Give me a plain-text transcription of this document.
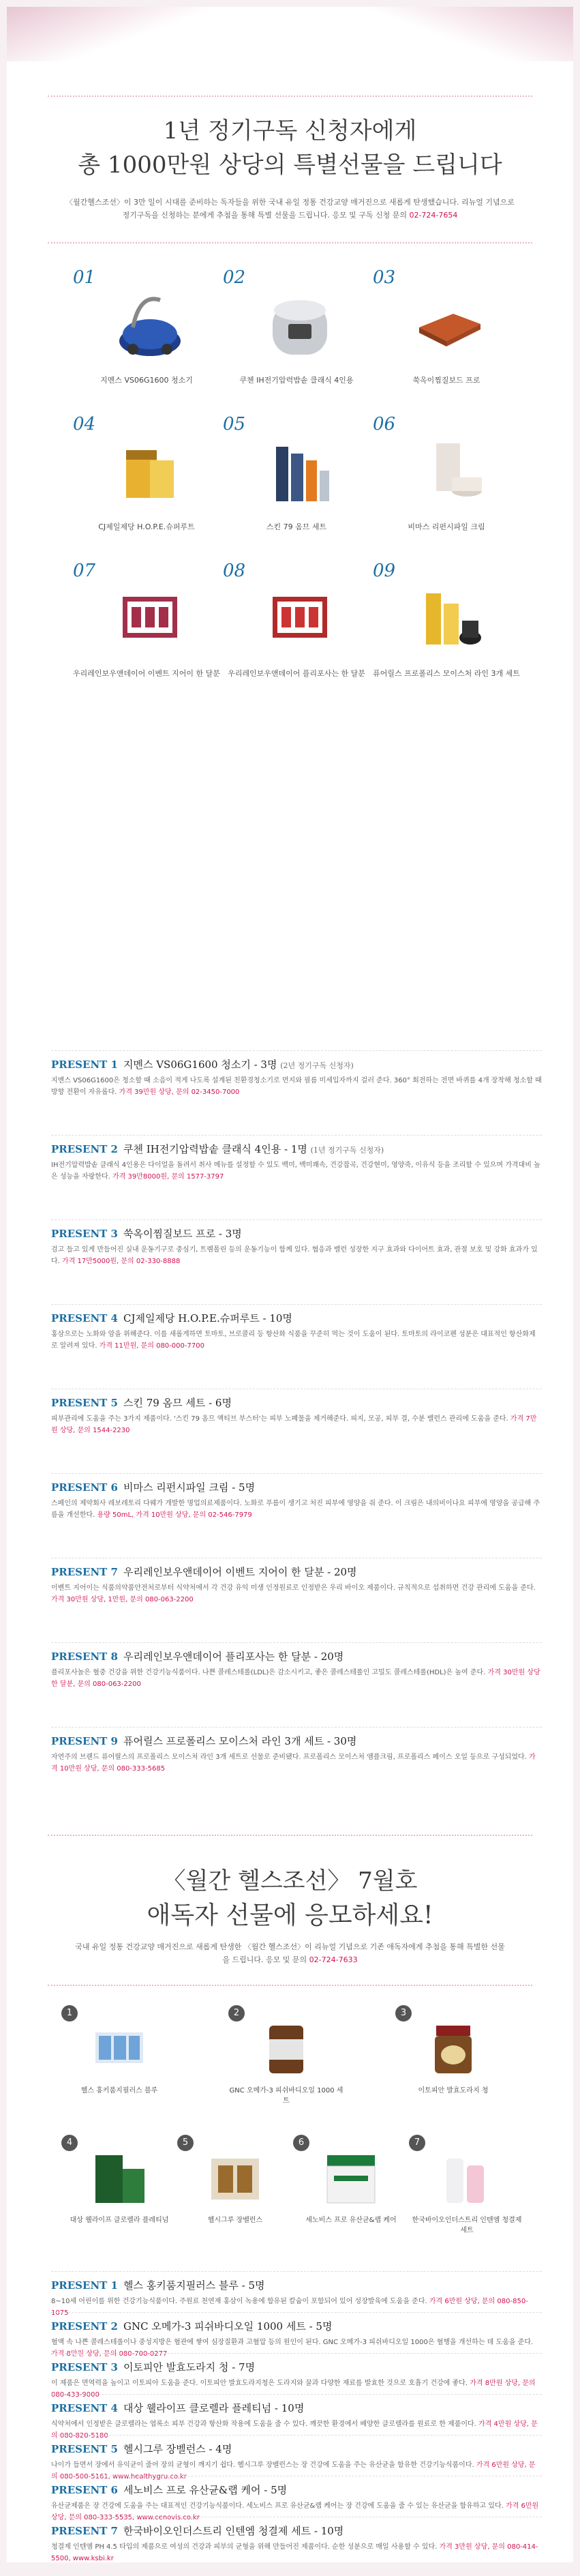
1년 정기구독 신청자에게
총 1000만원 상당의 특별선물을 드립니다
〈월간헬스조선〉이 3만 일이 시대를 준비하는 독자들을 위한 국내 유일 정통 건강교양 매거진으로 새롭게 탄생했습니다. 리뉴얼 기념으로 정기구독을 신청하는 분에게 추첨을 통해 특별 선물을 드립니다. 응모 및 구독 신청 문의 02-724-7654
01
지멘스 VS06G1600 청소기
02
쿠첸 IH전기압력밥솥 클래식 4인용
03
쑥옥이찜질보드 프로
04
CJ제일제당 H.O.P.E.슈퍼루트
05
스킨 79 옴므 세트
06
비마스 리펀시파일 크림
07
우리레인보우앤데이어 이벤트 지어이 한 달분
08
우리레인보우앤데이어 플리포사는 한 달분
09
퓨어릴스 프로폴리스 모이스처 라인 3개 세트
〈월간 헬스조선〉 7월호
애독자 선물에 응모하세요!
국내 유일 정통 건강교양 매거진으로 새롭게 탄생한 〈월간 헬스조선〉이 리뉴얼 기념으로 기존 애독자에게 추첨을 통해 특별한 선물을 드립니다. 응모 및 문의 02-724-7633
1
헬스 홍키품지필러스 블루
2
GNC 오메가-3 피쉬바디오일 1000 세트
3
이토피안 발효도라지 청
4
대상 웰라이프 클로렐라 플레티넘
5
헬시그루 장벨런스
6
세노비스 프로 유산균&랩 케어
7
한국바이오인더스트리 인텐엠 청결제 세트
PRESENT 1 지멘스 VS06G1600 청소기 - 3명 (2년 정기구독 신청자)
지멘스 VS06G1600은 청소할 때 소음이 적게 나도록 설계된 친환경청소기로 먼지와 필름 미세입자까지 걸러 준다. 360° 회전하는 전면 바퀴를 4개 장착해 청소할 때 방향 전환이 자유롭다. 가격 39만원 상당, 문의 02-3450-7000
PRESENT 2 쿠첸 IH전기압력밥솥 클래식 4인용 - 1명 (1년 정기구독 신청자)
IH전기압력밥솥 클래식 4인용은 다이얼을 돌려서 취사 메뉴를 설정할 수 있도 백미, 백미쾌속, 건강잡곡, 건강현미, 영양죽, 이유식 등을 조리할 수 있으며 가격대비 높은 성능을 자랑한다. 가격 39만8000원, 문의 1577-3797
PRESENT 3 쑥옥이찜질보드 프로 - 3명
검고 들고 있게 만들어진 실내 운동기구로 중심기, 트렘폴린 등의 운동기능이 함께 있다. 협응과 밸런 성장한 지구 효과와 다이어트 효과, 관절 보호 및 강화 효과가 있다. 가격 17만5000원, 문의 02-330-8888
PRESENT 4 CJ제일제당 H.O.P.E.슈퍼루트 - 10명
홍삼으로는 노화와 암을 위해준다. 이를 새롭게하면 토마토, 브로콜리 등 항산화 식품을 꾸준히 먹는 것이 도움이 된다. 토마토의 라이코펜 성분은 대표적인 항산화제로 알려져 있다. 가격 11만원, 문의 080-000-7700
PRESENT 5 스킨 79 옴므 세트 - 6명
피부관리에 도움을 주는 3가지 제품이다. '스킨 79 옴므 액티브 부스터'는 피부 노폐물을 제거해준다. 피지, 모공, 피부 결, 수분 밸런스 관리에 도움을 준다. 가격 7만원 상당, 문의 1544-2230
PRESENT 6 비마스 리펀시파일 크림 - 5명
스페인의 제약회사 레보레토리 다웨가 개발한 명업의료제품이다. 노화로 푸름이 생기고 처진 피부에 영양을 줘 준다. 이 크림은 내의비이나요 피부에 영양을 공급해 주름을 개선한다. 용량 50mL, 가격 10만원 상당, 문의 02-546-7979
PRESENT 7 우리레인보우앤데이어 이벤트 지어이 한 달분 - 20명
이벤트 지어이는 식품의약품안전처로부터 식약처에서 각 건강 유익 미생 인정원료로 인정받은 우리 바이오 제품이다. 규칙적으로 섭취하면 건강 관리에 도움을 준다. 가격 30만원 상당, 1만원, 문의 080-063-2200
PRESENT 8 우리레인보우앤데이어 플리포사는 한 달분 - 20명
플리포사놀은 혈중 건강을 위한 건강기능식품이다. 나쁜 콜레스테롤(LDL)은 감소시키고, 좋은 콜레스테롤인 고밀도 콜레스테롤(HDL)은 높여 준다. 가격 30만원 상당 한 달분, 문의 080-063-2200
PRESENT 9 퓨어릴스 프로폴리스 모이스처 라인 3개 세트 - 30명
자연주의 브랜드 퓨어릴스의 프로폴리스 모이스처 라인 3개 세트로 선물로 준비됐다. 프로폴리스 모이스처 앰플크림, 프로폴리스 페이스 오일 등으로 구성되었다. 가격 10만원 상당, 문의 080-333-5685
PRESENT 1 헬스 홍키품지필러스 블루 - 5명
8~10세 어린이를 위한 건강기능식품이다. 주원료 천연재 홍삼이 녹용에 함유된 칼슘이 포함되어 있어 성장발육에 도움을 준다. 가격 6만원 상당, 문의 080-850-1075
PRESENT 2 GNC 오메가-3 피쉬바디오일 1000 세트 - 5명
혈액 속 나쁜 콜레스테롤이나 중성지방은 혈관에 쌓여 심장질환과 고혈압 등의 원인이 된다. GNC 오메가-3 피쉬바디오일 1000은 혈행을 개선하는 데 도움을 준다. 가격 8만원 상당, 문의 080-700-0277
PRESENT 3 이토피안 발효도라지 청 - 7명
이 제품은 면역력을 높이고 이토피아 도움을 준다. 이토피안 발효도라지청은 도라지와 꿀과 다양한 재료를 발효한 것으로 호흡기 건강에 좋다. 가격 8만원 상당, 문의 080-433-9000
PRESENT 4 대상 웰라이프 클로렐라 플레티넘 - 10명
식약처에서 인정받은 클로렐라는 엽록소 피부 건강과 항산화 작용에 도움을 줄 수 있다. 깨끗한 환경에서 배양한 클로렐라를 원료로 한 제품이다. 가격 4만원 상당, 문의 080-820-5180
PRESENT 5 헬시그루 장벨런스 - 4명
나이가 들면서 장에서 유익균이 줄어 장의 균형이 깨지기 쉽다. 헬시그루 장벨런스는 장 건강에 도움을 주는 유산균을 함유한 건강기능식품이다. 가격 6만원 상당, 문의 080-500-5161, www.healthygru.co.kr
PRESENT 6 세노비스 프로 유산균&랩 케어 - 5명
유산균제품은 장 건강에 도움을 주는 대표적인 건강기능식품이다. 세노비스 프로 유산균&랩 케어는 장 건강에 도움을 줄 수 있는 유산균을 함유하고 있다. 가격 6만원 상당, 문의 080-333-5535, www.cenovis.co.kr
PRESENT 7 한국바이오인더스트리 인텐엠 청결제 세트 - 10명
청결제 인텐엠 PH 4.5 타입의 제품으로 여성의 건강과 피부의 균형을 위해 만들어진 제품이다. 순한 성분으로 매일 사용할 수 있다. 가격 3만원 상당, 문의 080-414-5500, www.ksbi.kr
